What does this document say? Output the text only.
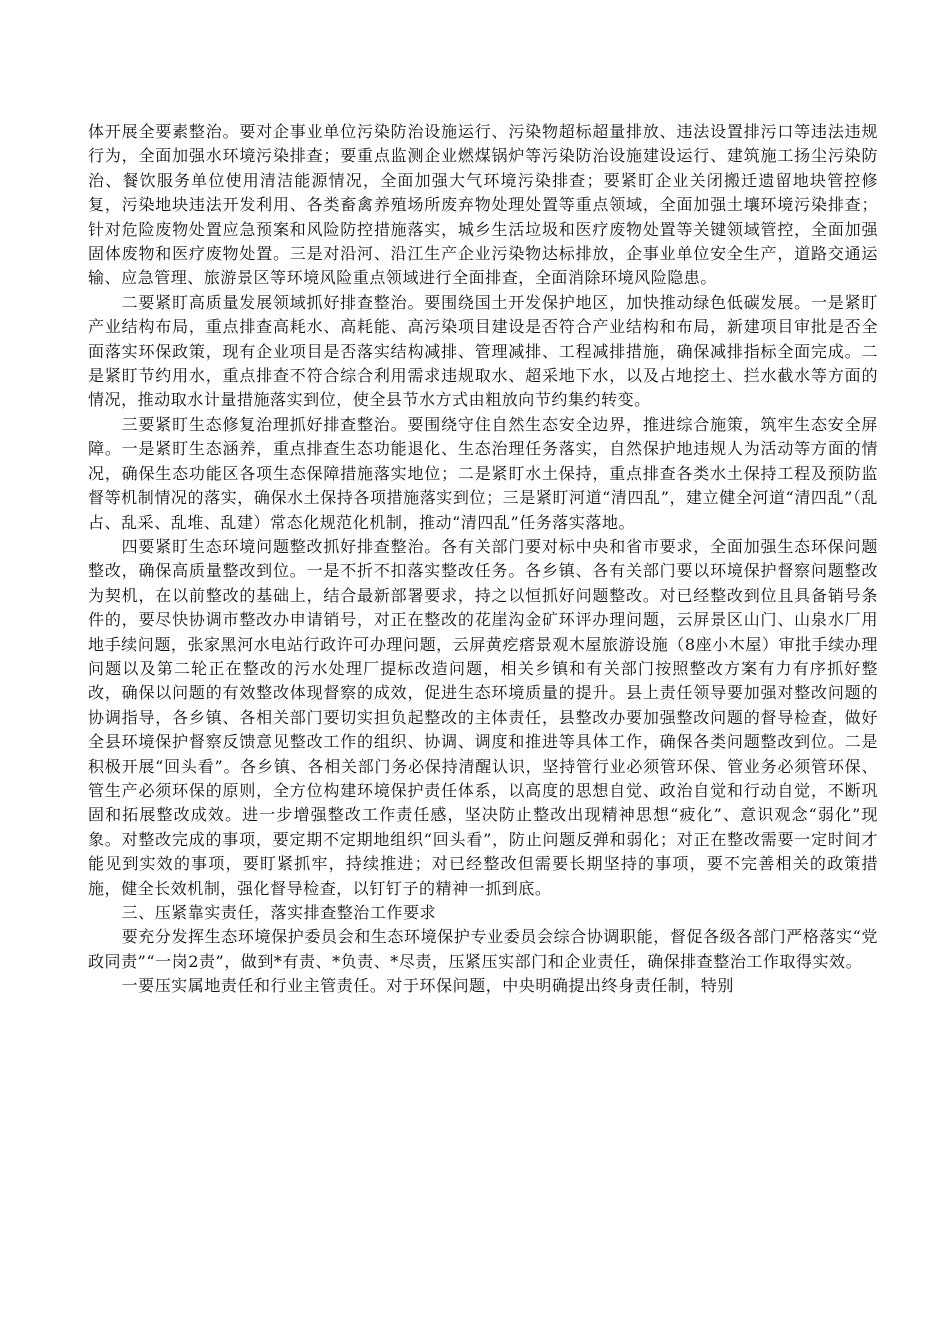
体开展全要素整治。要对企事业单位污染防治设施运行、污染物超标超量排放、违法设置排污口等违法违规行为，全面加强水环境污染排查；要重点监测企业燃煤锅炉等污染防治设施建设运行、建筑施工扬尘污染防治、餐饮服务单位使用清洁能源情况，全面加强大气环境污染排查；要紧盯企业关闭搬迁遗留地块管控修复，污染地块违法开发利用、各类畜禽养殖场所废弃物处理处置等重点领域，全面加强土壤环境污染排查；针对危险废物处置应急预案和风险防控措施落实，城乡生活垃圾和医疗废物处置等关键领域管控，全面加强固体废物和医疗废物处置。三是对沿河、沿江生产企业污染物达标排放，企事业单位安全生产，道路交通运输、应急管理、旅游景区等环境风险重点领域进行全面排查，全面消除环境风险隐患。

二要紧盯高质量发展领域抓好排查整治。要围绕国土开发保护地区，加快推动绿色低碳发展。一是紧盯产业结构布局，重点排查高耗水、高耗能、高污染项目建设是否符合产业结构和布局，新建项目审批是否全面落实环保政策，现有企业项目是否落实结构减排、管理减排、工程减排措施，确保减排指标全面完成。二是紧盯节约用水，重点排查不符合综合利用需求违规取水、超采地下水，以及占地挖土、拦水截水等方面的情况，推动取水计量措施落实到位，使全县节水方式由粗放向节约集约转变。

三要紧盯生态修复治理抓好排查整治。要围绕守住自然生态安全边界，推进综合施策，筑牢生态安全屏障。一是紧盯生态涵养，重点排查生态功能退化、生态治理任务落实，自然保护地违规人为活动等方面的情况，确保生态功能区各项生态保障措施落实地位；二是紧盯水土保持，重点排查各类水土保持工程及预防监督等机制情况的落实，确保水土保持各项措施落实到位；三是紧盯河道“清四乱”，建立健全河道“清四乱”（乱占、乱采、乱堆、乱建）常态化规范化机制，推动“清四乱”任务落实落地。

四要紧盯生态环境问题整改抓好排查整治。各有关部门要对标中央和省市要求，全面加强生态环保问题整改，确保高质量整改到位。一是不折不扣落实整改任务。各乡镇、各有关部门要以环境保护督察问题整改为契机，在以前整改的基础上，结合最新部署要求，持之以恒抓好问题整改。对已经整改到位且具备销号条件的，要尽快协调市整改办申请销号，对正在整改的花崖沟金矿环评办理问题，云屏景区山门、山泉水厂用地手续问题，张家黑河水电站行政许可办理问题，云屏黄疙瘩景观木屋旅游设施（8座小木屋）审批手续办理问题以及第二轮正在整改的污水处理厂提标改造问题，相关乡镇和有关部门按照整改方案有力有序抓好整改，确保以问题的有效整改体现督察的成效，促进生态环境质量的提升。县上责任领导要加强对整改问题的协调指导，各乡镇、各相关部门要切实担负起整改的主体责任，县整改办要加强整改问题的督导检查，做好全县环境保护督察反馈意见整改工作的组织、协调、调度和推进等具体工作，确保各类问题整改到位。二是积极开展“回头看”。各乡镇、各相关部门务必保持清醒认识，坚持管行业必须管环保、管业务必须管环保、管生产必须环保的原则，全方位构建环境保护责任体系，以高度的思想自觉、政治自觉和行动自觉，不断巩固和拓展整改成效。进一步增强整改工作责任感，坚决防止整改出现精神思想“疲化”、意识观念“弱化”现象。对整改完成的事项，要定期不定期地组织“回头看”，防止问题反弹和弱化；对正在整改需要一定时间才能见到实效的事项，要盯紧抓牢，持续推进；对已经整改但需要长期坚持的事项，要不完善相关的政策措施，健全长效机制，强化督导检查，以钉钉子的精神一抓到底。

三、压紧靠实责任，落实排查整治工作要求

要充分发挥生态环境保护委员会和生态环境保护专业委员会综合协调职能，督促各级各部门严格落实“党政同责”“一岗2责”，做到*有责、*负责、*尽责，压紧压实部门和企业责任，确保排查整治工作取得实效。

一要压实属地责任和行业主管责任。对于环保问题，中央明确提出终身责任制，特别
